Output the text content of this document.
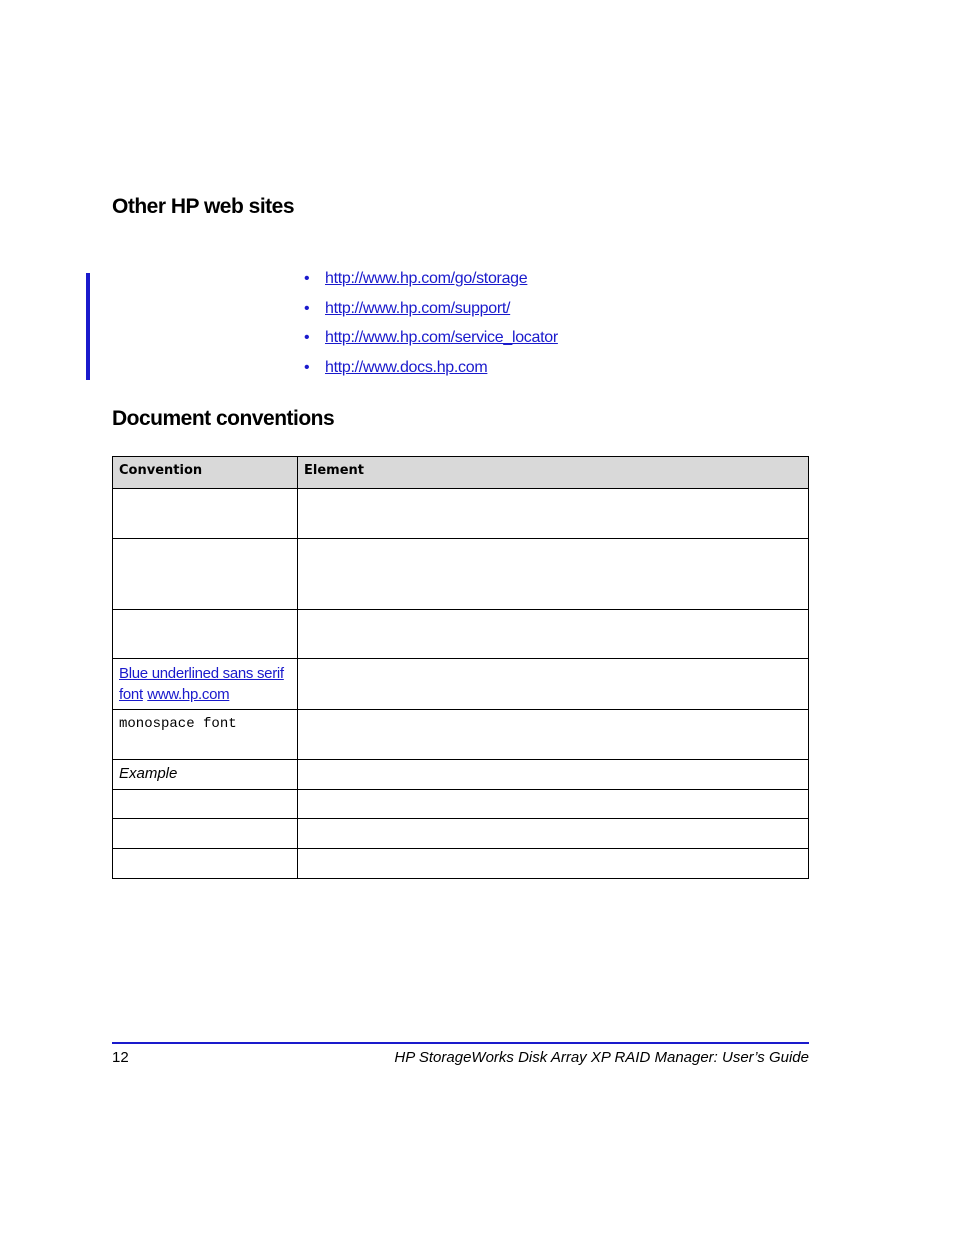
Other HP web sites
• http://www.hp.com/go/storage
• http://www.hp.com/support/
• http://www.hp.com/service_locator
• http://www.docs.hp.com
Document conventions
Convention	Element

Blue underlined sans serif
font www.hp.com	
monospace font	
Example	

12	HP StorageWorks Disk Array XP RAID Manager: User’s Guide
